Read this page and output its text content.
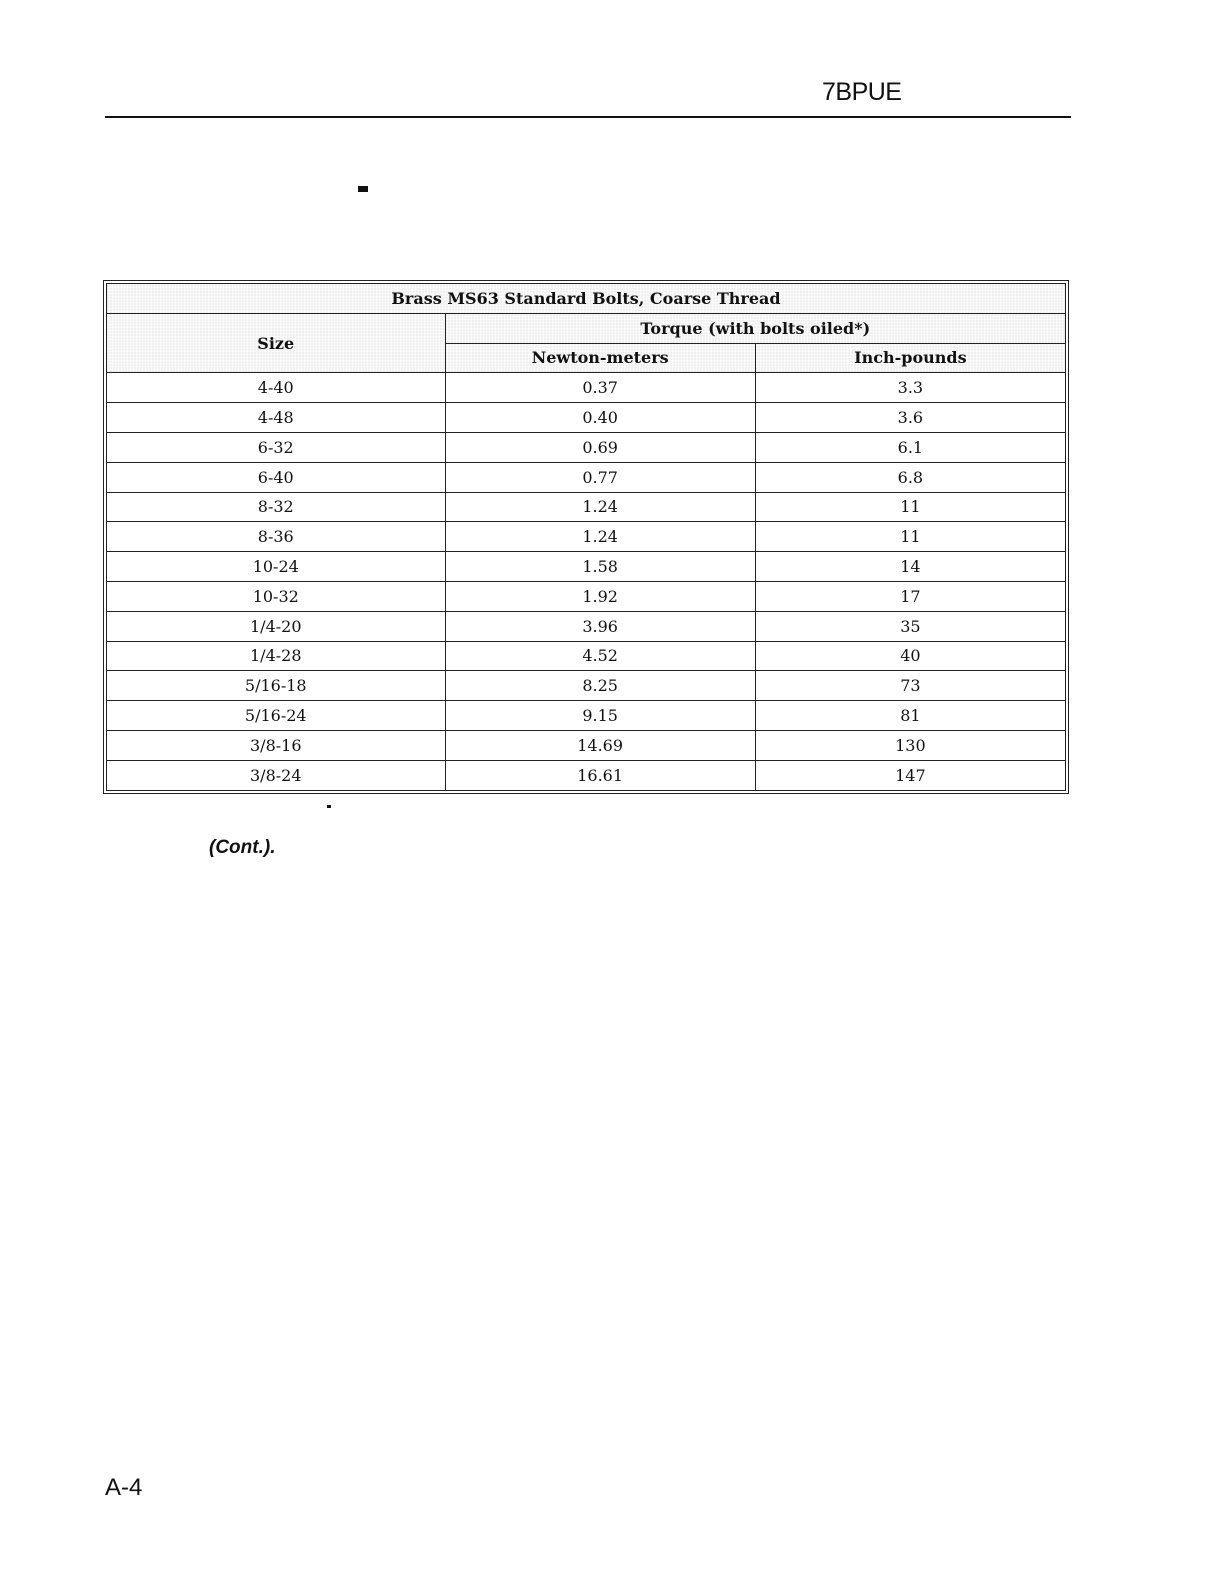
7BPUE
Brass MS63 Standard Bolts, Coarse Thread		
Size	Torque (with bolts oiled*)	
	Newton-meters	Inch-pounds
4-40	0.37	3.3
4-48	0.40	3.6
6-32	0.69	6.1
6-40	0.77	6.8
8-32	1.24	11
8-36	1.24	11
10-24	1.58	14
10-32	1.92	17
1/4-20	3.96	35
1/4-28	4.52	40
5/16-18	8.25	73
5/16-24	9.15	81
3/8-16	14.69	130
3/8-24	16.61	147
(Cont.).
A-4
